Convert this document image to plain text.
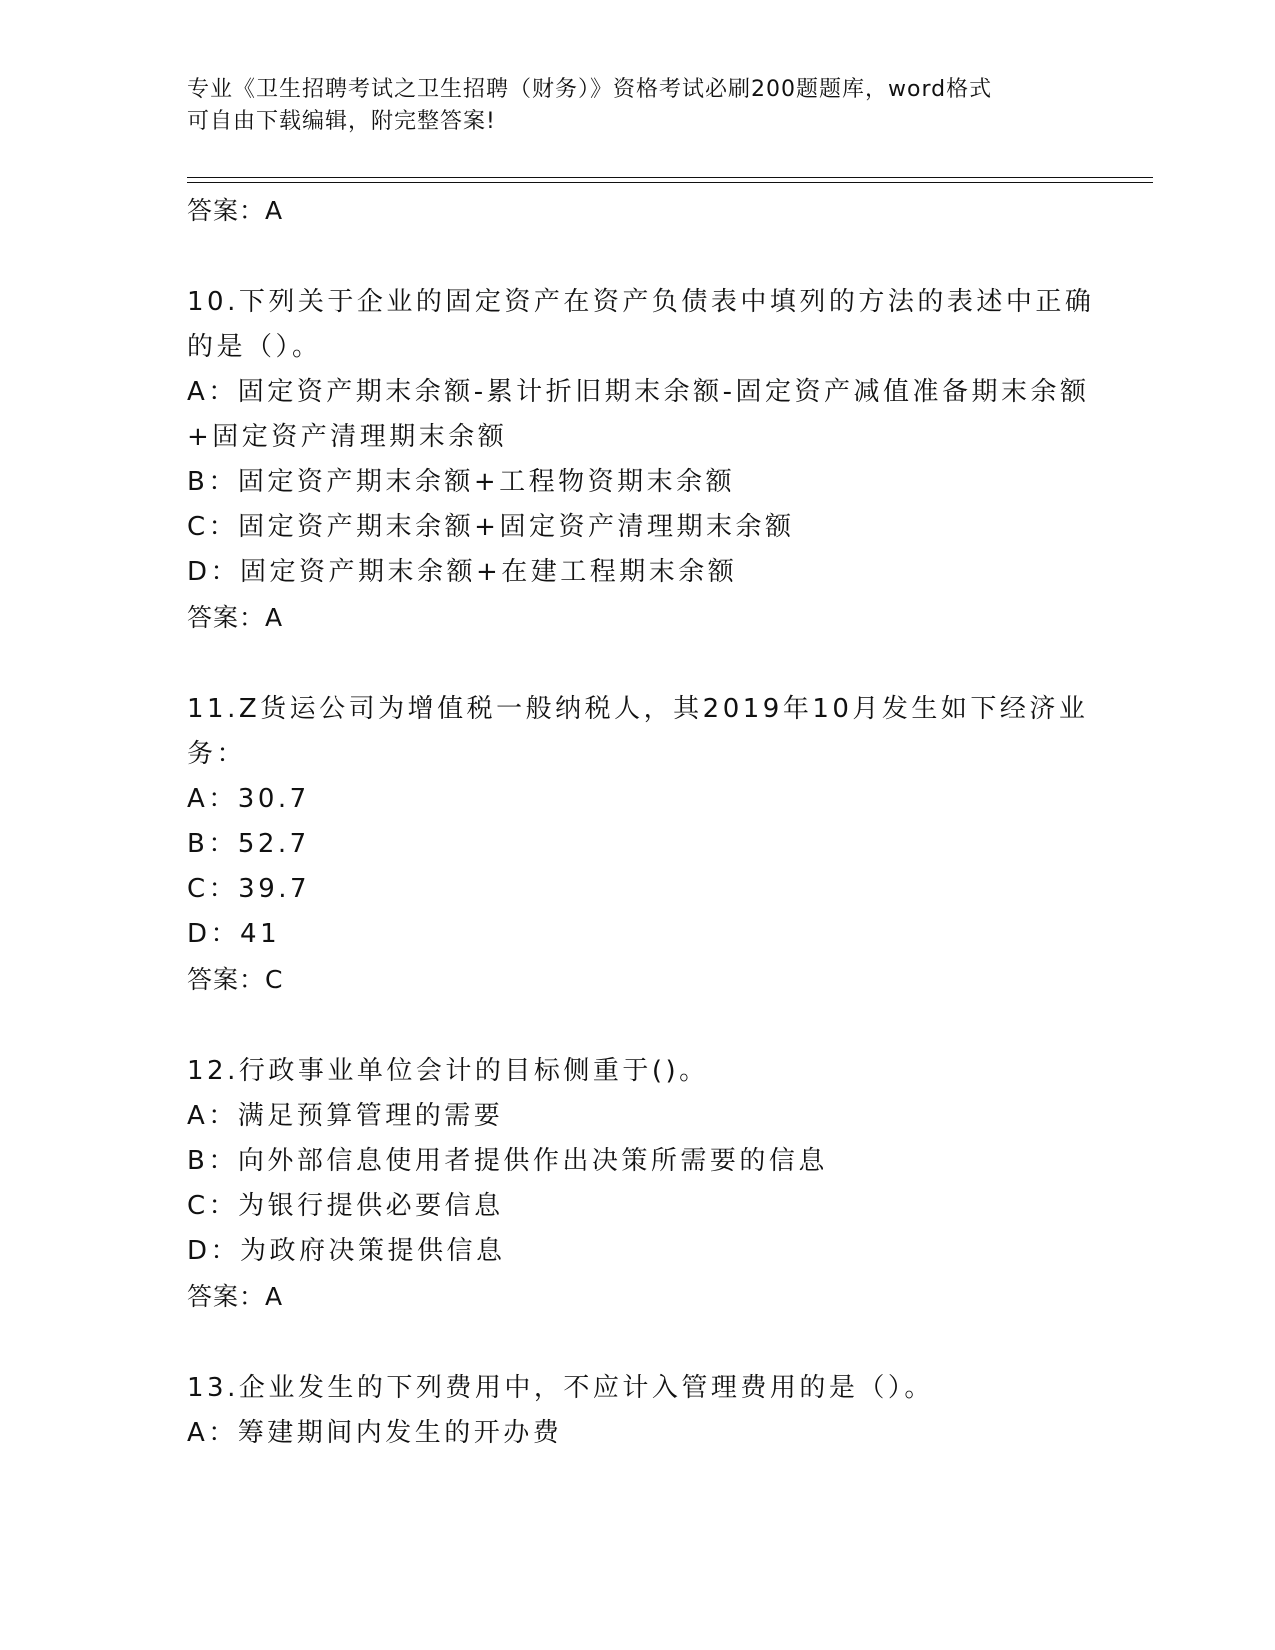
专业《卫生招聘考试之卫生招聘（财务）》资格考试必刷200题题库，word格式
可自由下载编辑，附完整答案!
答案：A
10.下列关于企业的固定资产在资产负债表中填列的方法的表述中正确
的是（）。
A：固定资产期末余额-累计折旧期末余额-固定资产减值准备期末余额
+固定资产清理期末余额
B：固定资产期末余额+工程物资期末余额
C：固定资产期末余额+固定资产清理期末余额
D：固定资产期末余额+在建工程期末余额
答案：A
11.Z货运公司为增值税一般纳税人，其2019年10月发生如下经济业
务：
A：30.7
B：52.7
C：39.7
D：41
答案：C
12.行政事业单位会计的目标侧重于()。
A：满足预算管理的需要
B：向外部信息使用者提供作出决策所需要的信息
C：为银行提供必要信息
D：为政府决策提供信息
答案：A
13.企业发生的下列费用中，不应计入管理费用的是（）。
A：筹建期间内发生的开办费
